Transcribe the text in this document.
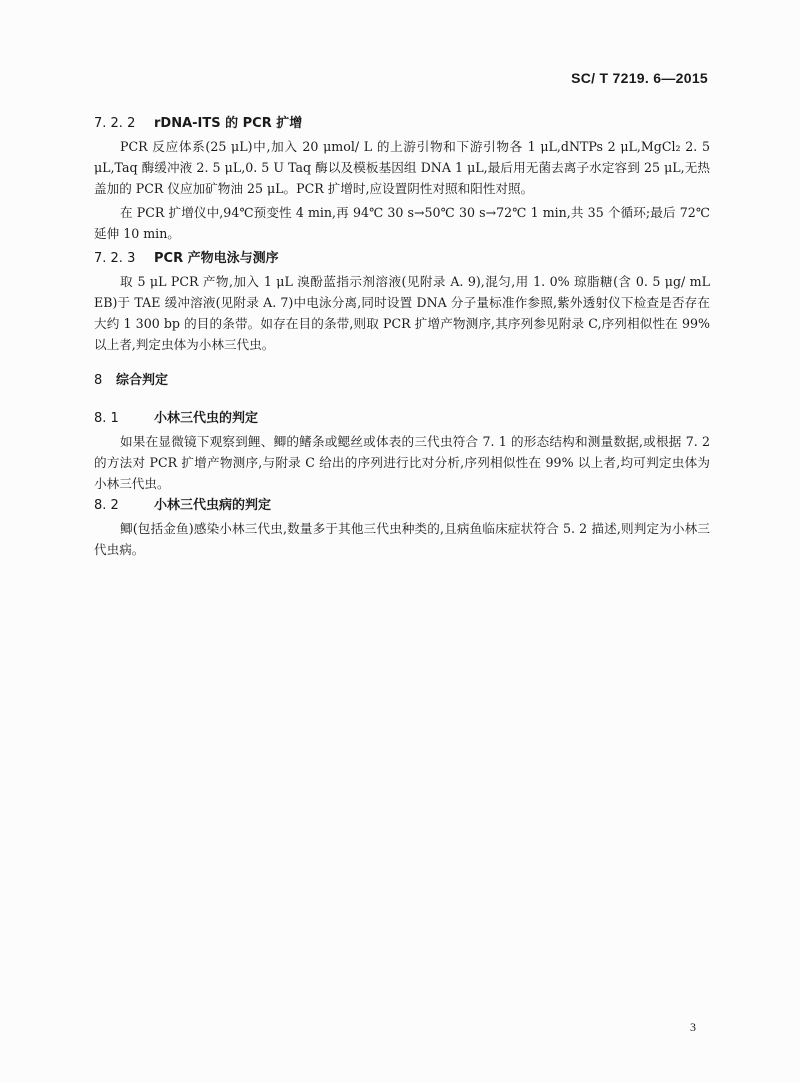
SC/ T 7219. 6—2015
7. 2. 2 rDNA-ITS 的 PCR 扩增

PCR 反应体系(25 μL)中,加入 20 μmol/ L 的上游引物和下游引物各 1 μL,dNTPs 2 μL,MgCl₂ 2. 5 μL,Taq 酶缓冲液 2. 5 μL,0. 5 U Taq 酶以及模板基因组 DNA 1 μL,最后用无菌去离子水定容到 25 μL,无热盖加的 PCR 仪应加矿物油 25 μL。PCR 扩增时,应设置阴性对照和阳性对照。

在 PCR 扩增仪中,94℃预变性 4 min,再 94℃ 30 s→50℃ 30 s→72℃ 1 min,共 35 个循环;最后 72℃延伸 10 min。

7. 2. 3 PCR 产物电泳与测序

取 5 μL PCR 产物,加入 1 μL 溴酚蓝指示剂溶液(见附录 A. 9),混匀,用 1. 0% 琼脂糖(含 0. 5 μg/ mL EB)于 TAE 缓冲溶液(见附录 A. 7)中电泳分离,同时设置 DNA 分子量标准作参照,紫外透射仪下检查是否存在大约 1 300 bp 的目的条带。如存在目的条带,则取 PCR 扩增产物测序,其序列参见附录 C,序列相似性在 99% 以上者,判定虫体为小林三代虫。

8 综合判定
8. 1	小林三代虫的判定

如果在显微镜下观察到鲤、鲫的鳍条或鳃丝或体表的三代虫符合 7. 1 的形态结构和测量数据,或根据 7. 2 的方法对 PCR 扩增产物测序,与附录 C 给出的序列进行比对分析,序列相似性在 99% 以上者,均可判定虫体为小林三代虫。

8. 2	小林三代虫病的判定

鲫(包括金鱼)感染小林三代虫,数量多于其他三代虫种类的,且病鱼临床症状符合 5. 2 描述,则判定为小林三代虫病。

3
